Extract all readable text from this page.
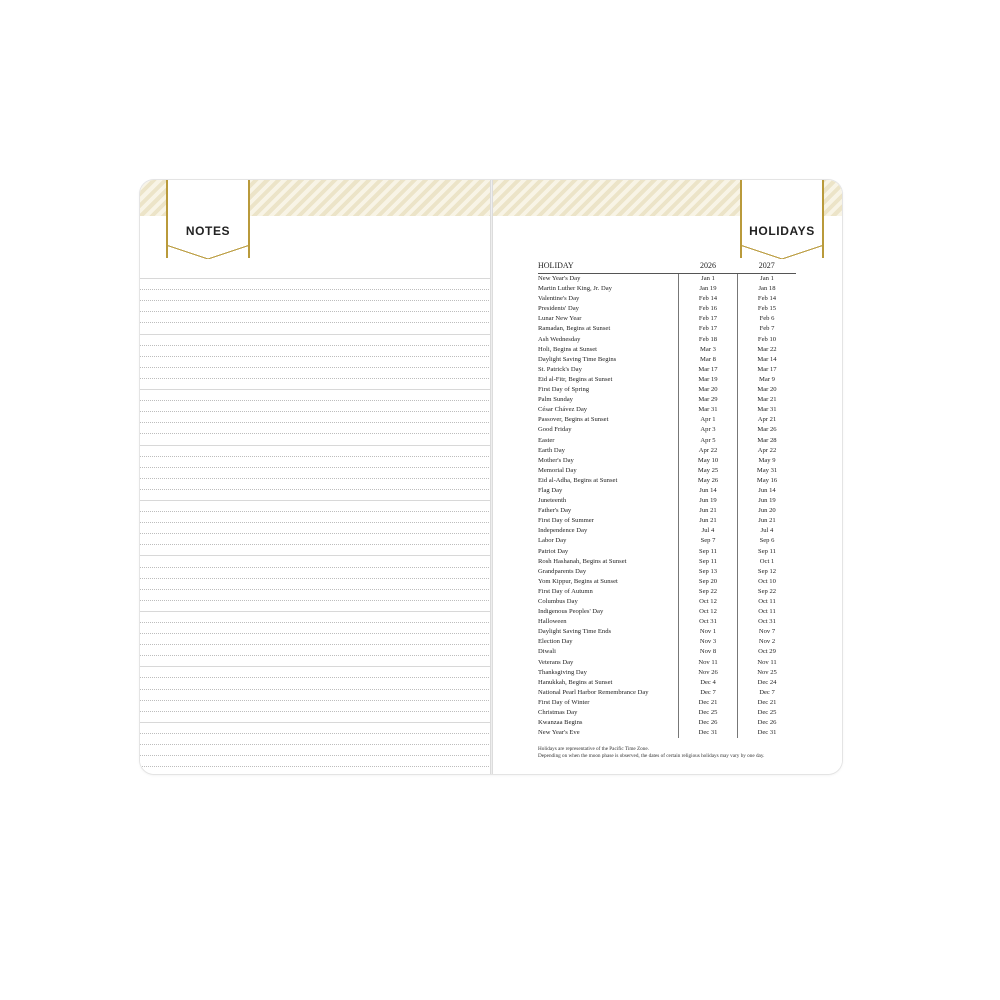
NOTES	HOLIDAYS
HOLIDAY	2026	2027
New Year's Day	Jan 1	Jan 1
Martin Luther King, Jr. Day	Jan 19	Jan 18
Valentine's Day	Feb 14	Feb 14
Presidents' Day	Feb 16	Feb 15
Lunar New Year	Feb 17	Feb 6
Ramadan, Begins at Sunset	Feb 17	Feb 7
Ash Wednesday	Feb 18	Feb 10
Holi, Begins at Sunset	Mar 3	Mar 22
Daylight Saving Time Begins	Mar 8	Mar 14
St. Patrick's Day	Mar 17	Mar 17
Eid al-Fitr, Begins at Sunset	Mar 19	Mar 9
First Day of Spring	Mar 20	Mar 20
Palm Sunday	Mar 29	Mar 21
César Chávez Day	Mar 31	Mar 31
Passover, Begins at Sunset	Apr 1	Apr 21
Good Friday	Apr 3	Mar 26
Easter	Apr 5	Mar 28
Earth Day	Apr 22	Apr 22
Mother's Day	May 10	May 9
Memorial Day	May 25	May 31
Eid al-Adha, Begins at Sunset	May 26	May 16
Flag Day	Jun 14	Jun 14
Juneteenth	Jun 19	Jun 19
Father's Day	Jun 21	Jun 20
First Day of Summer	Jun 21	Jun 21
Independence Day	Jul 4	Jul 4
Labor Day	Sep 7	Sep 6
Patriot Day	Sep 11	Sep 11
Rosh Hashanah, Begins at Sunset	Sep 11	Oct 1
Grandparents Day	Sep 13	Sep 12
Yom Kippur, Begins at Sunset	Sep 20	Oct 10
First Day of Autumn	Sep 22	Sep 22
Columbus Day	Oct 12	Oct 11
Indigenous Peoples' Day	Oct 12	Oct 11
Halloween	Oct 31	Oct 31
Daylight Saving Time Ends	Nov 1	Nov 7
Election Day	Nov 3	Nov 2
Diwali	Nov 8	Oct 29
Veterans Day	Nov 11	Nov 11
Thanksgiving Day	Nov 26	Nov 25
Hanukkah, Begins at Sunset	Dec 4	Dec 24
National Pearl Harbor Remembrance Day	Dec 7	Dec 7
First Day of Winter	Dec 21	Dec 21
Christmas Day	Dec 25	Dec 25
Kwanzaa Begins	Dec 26	Dec 26
New Year's Eve	Dec 31	Dec 31
Holidays are representative of the Pacific Time Zone.
Depending on when the moon phase is observed, the dates of certain religious holidays may vary by one day.
